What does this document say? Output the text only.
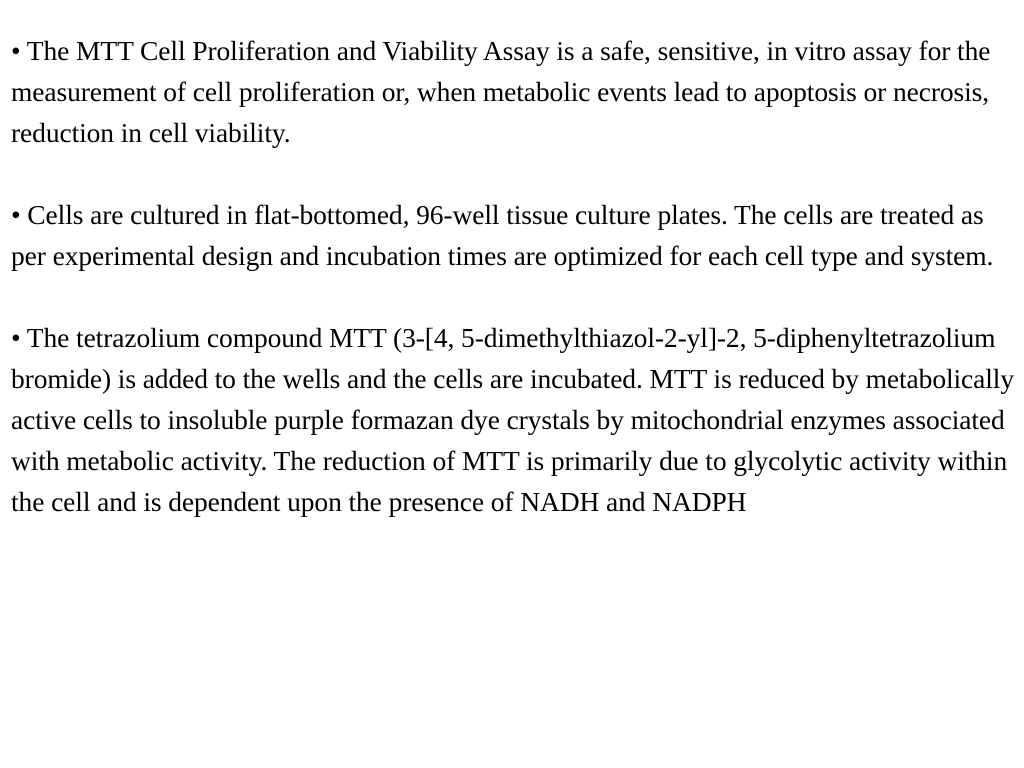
• The MTT Cell Proliferation and Viability Assay is a safe, sensitive, in vitro assay for the measurement of cell proliferation or, when metabolic events lead to apoptosis or necrosis, reduction in cell viability.

• Cells are cultured in flat-bottomed, 96-well tissue culture plates. The cells are treated as per experimental design and incubation times are optimized for each cell type and system.

• The tetrazolium compound MTT (3-[4, 5-dimethylthiazol-2-yl]-2, 5-diphenyltetrazolium bromide) is added to the wells and the cells are incubated. MTT is reduced by metabolically active cells to insoluble purple formazan dye crystals by mitochondrial enzymes associated with metabolic activity. The reduction of MTT is primarily due to glycolytic activity within the cell and is dependent upon the presence of NADH and NADPH
